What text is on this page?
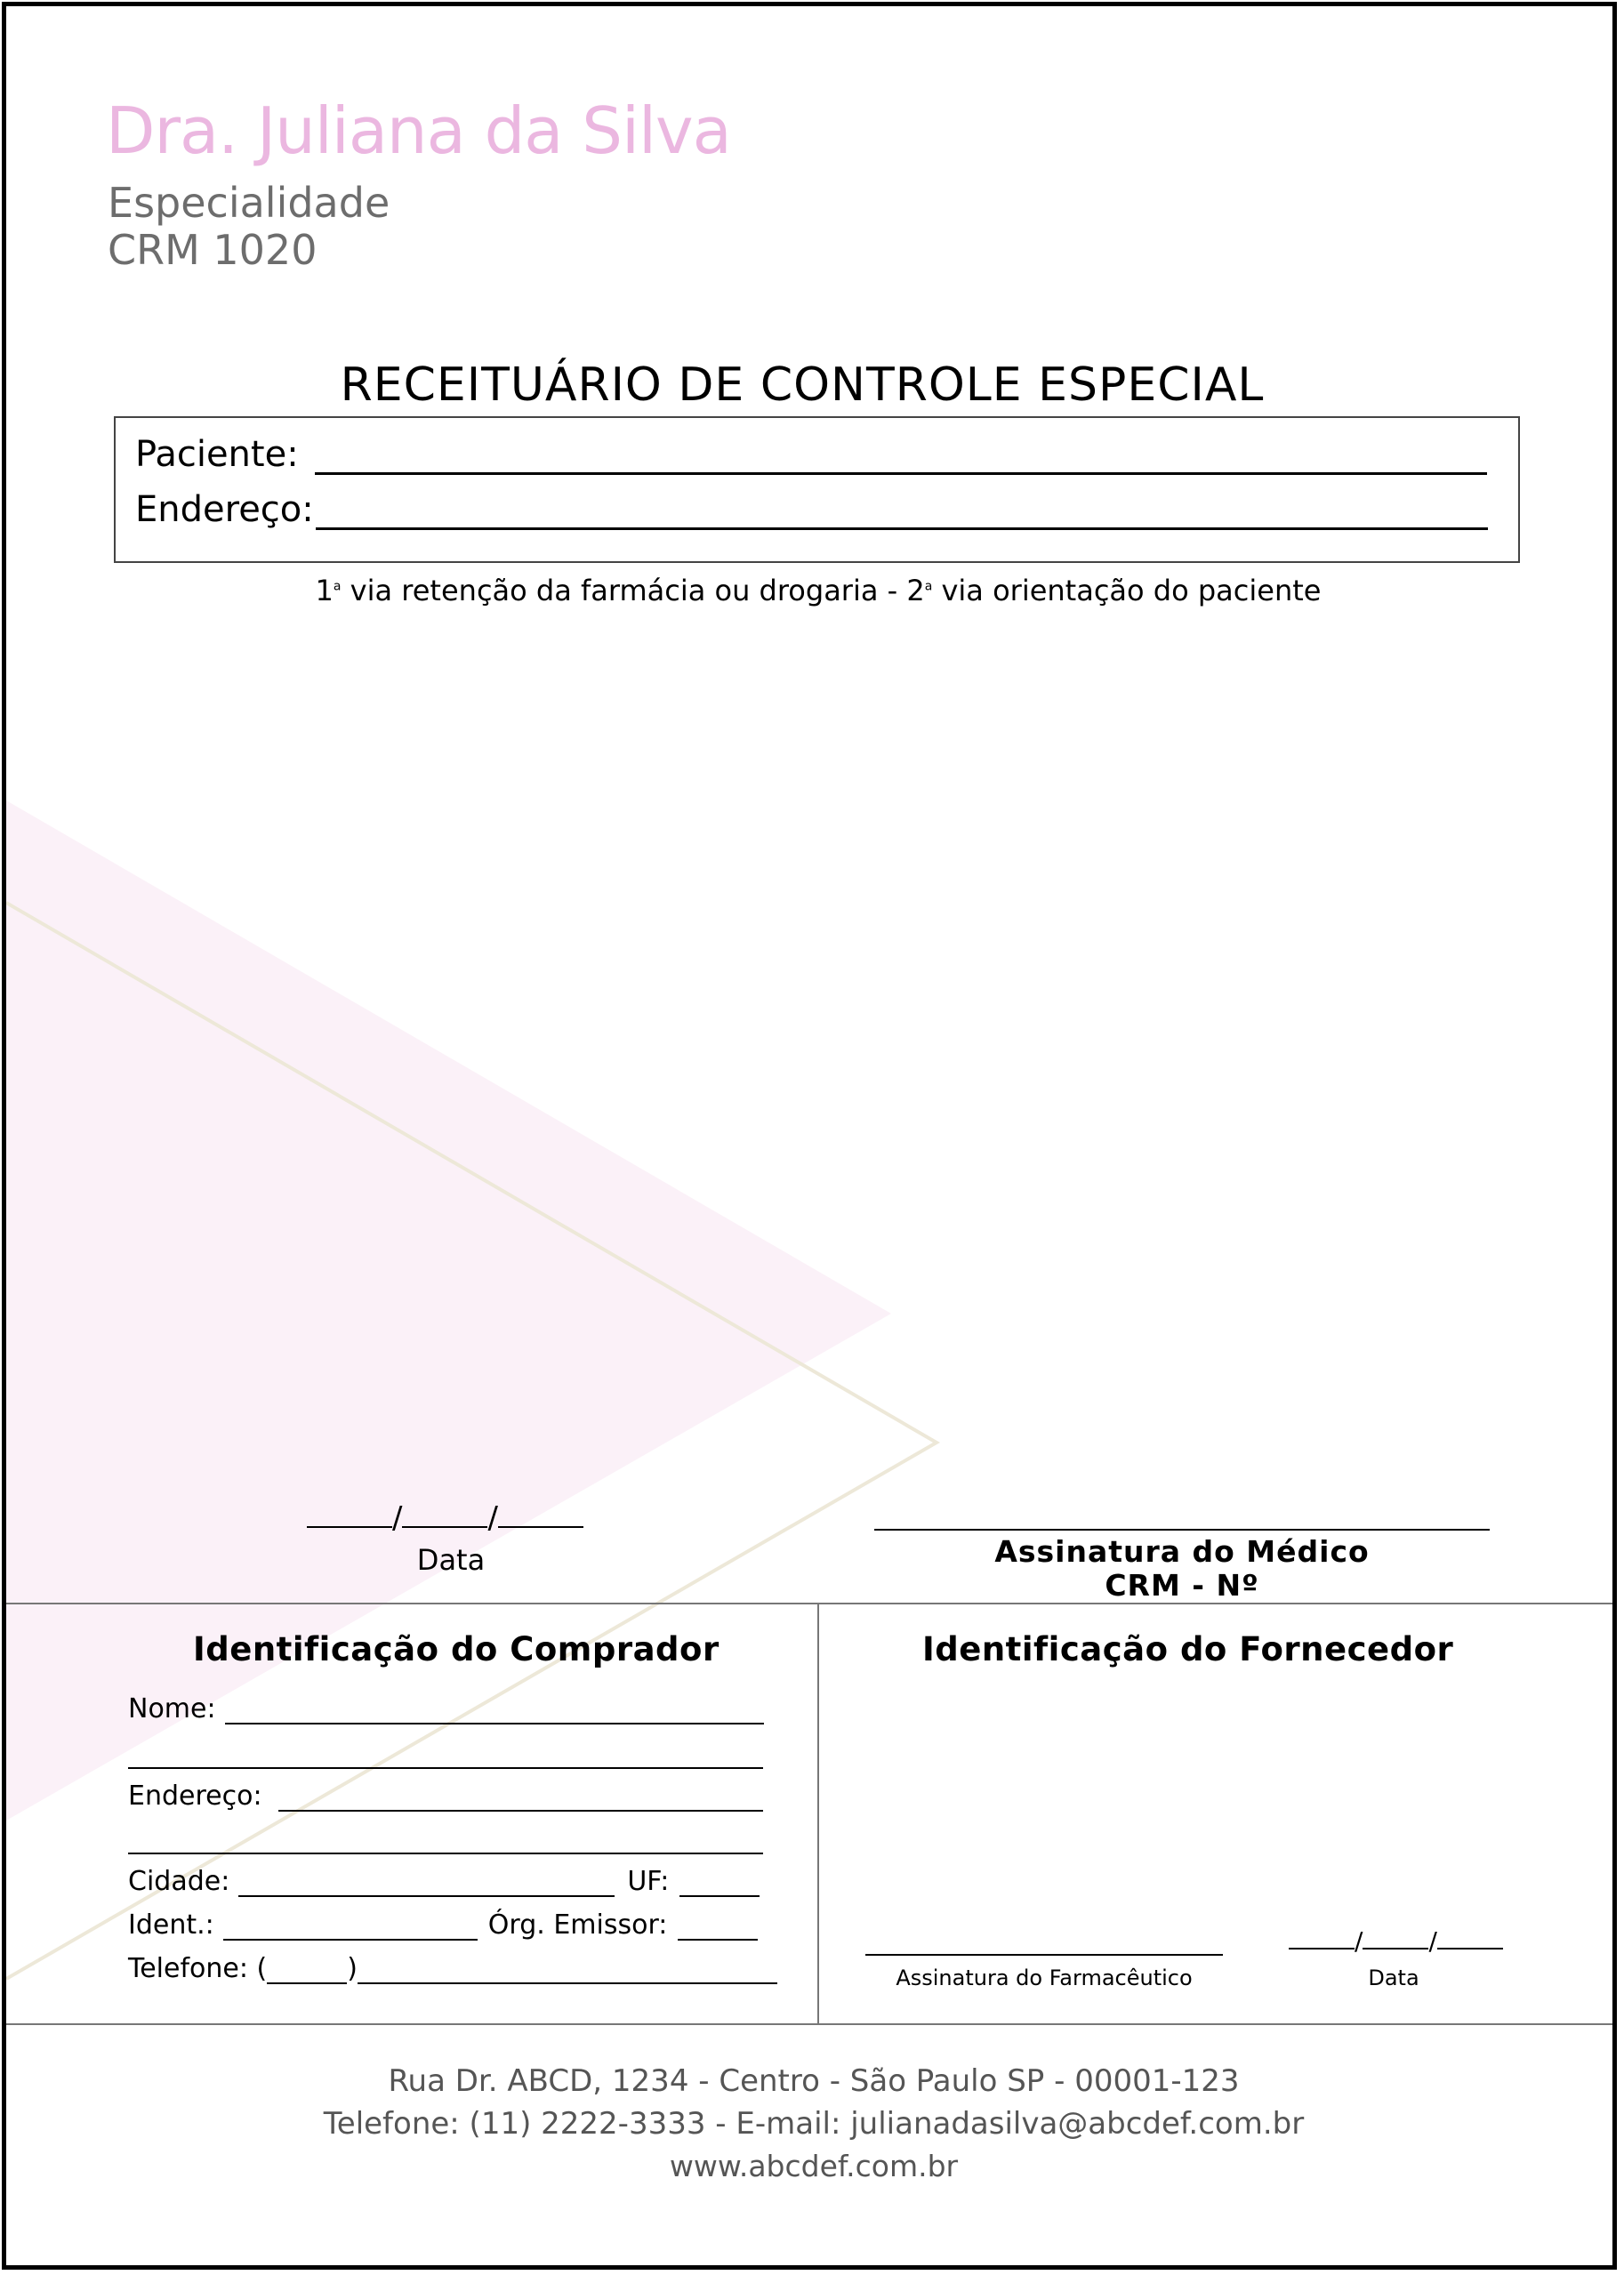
Dra. Juliana da Silva
Especialidade
CRM 1020
RECEITUÁRIO DE CONTROLE ESPECIAL
Paciente:
Endereço:
1$^a$ via retenção da farmácia ou drogaria - 2$^a$ via orientação do paciente
/	/
Data	Assinatura do Médico
CRM - Nº
Identificação do Comprador
Nome:
Endereço:
Cidade:	UF:
Ident.:	Órg. Emissor:
Telefone: (	)
Identificação do Fornecedor
Assinatura do Farmacêutico
/	/
Data
Rua Dr. ABCD, 1234 - Centro - São Paulo SP - 00001-123
Telefone: (11) 2222-3333 - E-mail: julianadasilva@abcdef.com.br
www.abcdef.com.br
